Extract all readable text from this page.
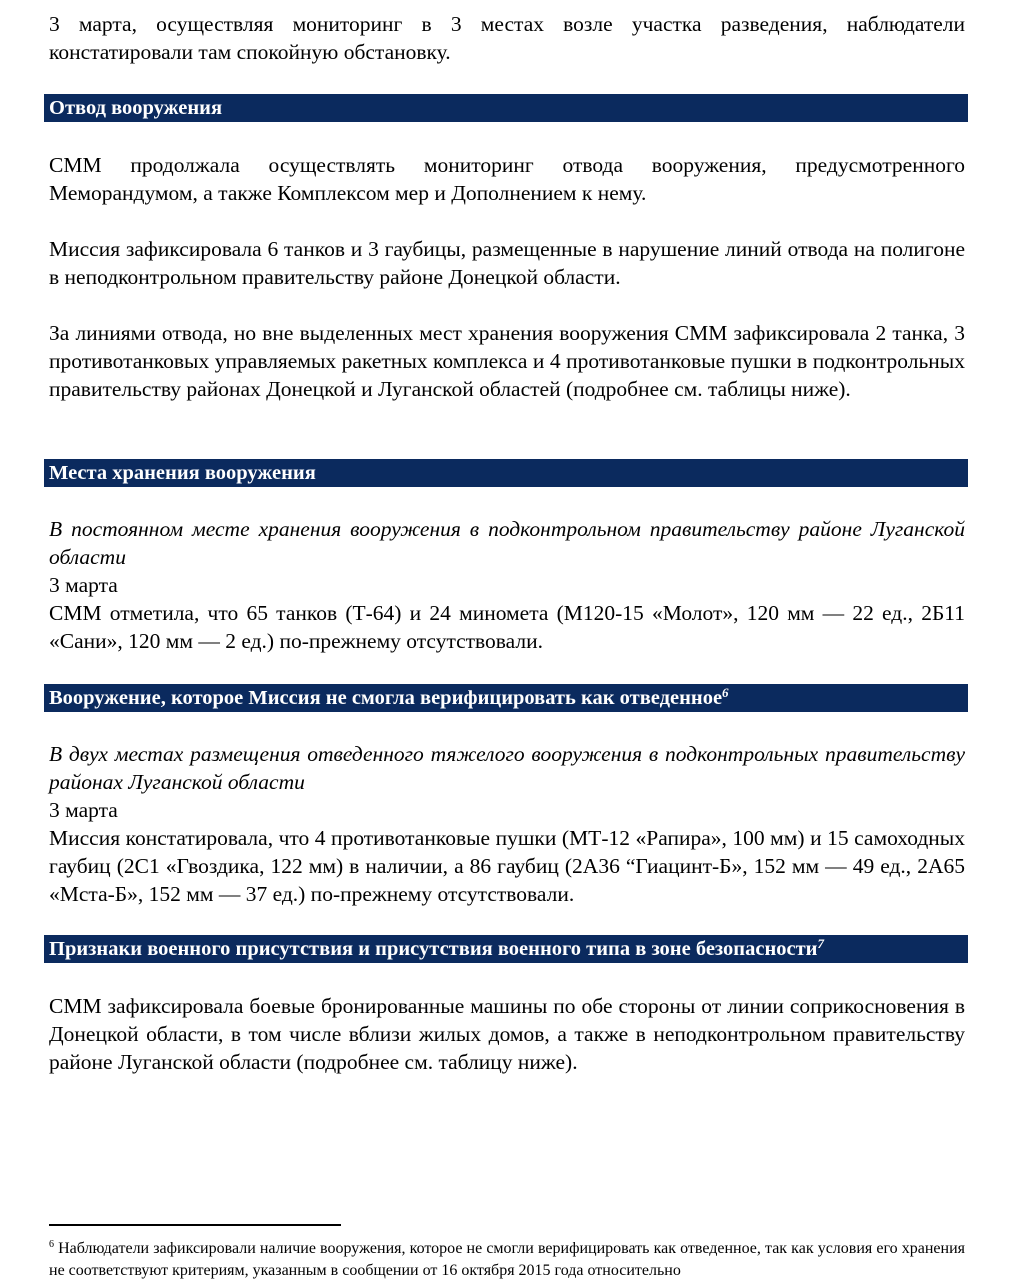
3 марта, осуществляя мониторинг в 3 местах возле участка разведения, наблюдатели констатировали там спокойную обстановку.

Отвод вооружения

СММ продолжала осуществлять мониторинг отвода вооружения, предусмотренного Меморандумом, а также Комплексом мер и Дополнением к нему.

Миссия зафиксировала 6 танков и 3 гаубицы, размещенные в нарушение линий отвода на полигоне в неподконтрольном правительству районе Донецкой области.

За линиями отвода, но вне выделенных мест хранения вооружения СММ зафиксировала 2 танка, 3 противотанковых управляемых ракетных комплекса и 4 противотанковые пушки в подконтрольных правительству районах Донецкой и Луганской областей (подробнее см. таблицы ниже).

Места хранения вооружения
В постоянном месте хранения вооружения в подконтрольном правительству районе Луганской области
3 марта
СММ отметила, что 65 танков (Т-64) и 24 миномета (М120-15 «Молот», 120 мм — 22 ед., 2Б11 «Сани», 120 мм — 2 ед.) по-прежнему отсутствовали.
Вооружение, которое Миссия не смогла верифицировать как отведенное$^6$
В двух местах размещения отведенного тяжелого вооружения в подконтрольных правительству районах Луганской области
3 марта
Миссия констатировала, что 4 противотанковые пушки (МТ-12 «Рапира», 100 мм) и 15 самоходных гаубиц (2С1 «Гвоздика, 122 мм) в наличии, а 86 гаубиц (2А36 “Гиацинт-Б», 152 мм — 49 ед., 2А65 «Мста-Б», 152 мм — 37 ед.) по-прежнему отсутствовали.
Признаки военного присутствия и присутствия военного типа в зоне безопасности$^7$

СММ зафиксировала боевые бронированные машины по обе стороны от линии соприкосновения в Донецкой области, в том числе вблизи жилых домов, а также в неподконтрольном правительству районе Луганской области (подробнее см. таблицу ниже).

$^6$ Наблюдатели зафиксировали наличие вооружения, которое не смогли верифицировать как отведенное, так как условия его хранения не соответствуют критериям, указанным в сообщении от 16 октября 2015 года относительно
